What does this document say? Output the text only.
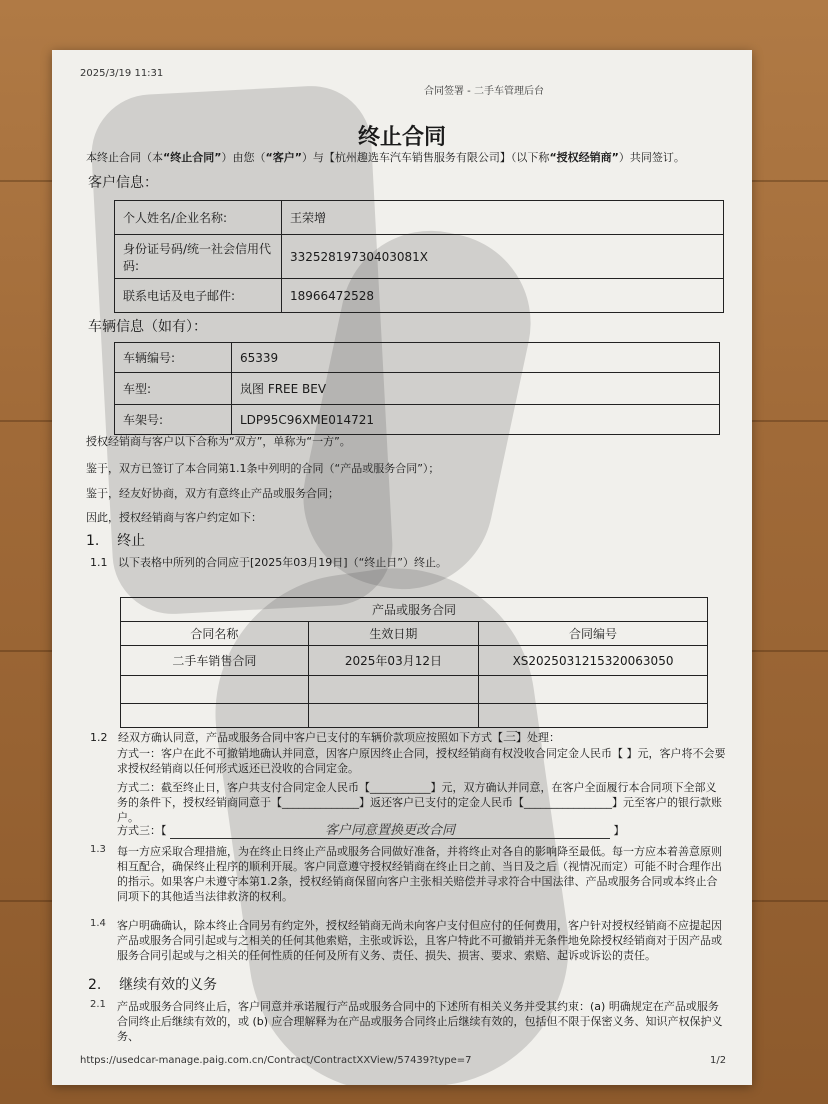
2025/3/19 11:31
合同签署 - 二手车管理后台
终止合同
本终止合同（本“终止合同”）由您（“客户”）与【杭州趣选车汽车销售服务有限公司】（以下称“授权经销商”）共同签订。
客户信息：
个人姓名/企业名称:	王荣增
身份证号码/统一社会信用代码:	33252819730403081X
联系电话及电子邮件:	18966472528
车辆信息（如有）：
车辆编号:	65339
车型:	岚图 FREE BEV
车架号:	LDP95C96XME014721
授权经销商与客户以下合称为“双方”，单称为“一方”。
鉴于，双方已签订了本合同第1.1条中列明的合同（“产品或服务合同”）；
鉴于，经友好协商，双方有意终止产品或服务合同；
因此，授权经销商与客户约定如下：
1. 终止
1.1 以下表格中所列的合同应于[2025年03月19日]（“终止日”）终止。
产品或服务合同		
合同名称	生效日期	合同编号
二手车销售合同	2025年03月12日	XS2025031215320063050

1.2 经双方确认同意，产品或服务合同中客户已支付的车辆价款项应按照如下方式【三】处理：
方式一：客户在此不可撤销地确认并同意，因客户原因终止合同，授权经销商有权没收合同定金人民币【 】元，客户将不会要求授权经销商以任何形式返还已没收的合同定金。
方式二：截至终止日，客户共支付合同定金人民币【___________】元，双方确认并同意，在客户全面履行本合同项下全部义务的条件下，授权经销商同意于【______________】返还客户已支付的定金人民币【________________】元至客户的银行款账户。
方式三：【	客户同意置换更改合同	】
1.3 每一方应采取合理措施，为在终止日终止产品或服务合同做好准备，并将终止对各自的影响降至最低。每一方应本着善意原则相互配合，确保终止程序的顺利开展。客户同意遵守授权经销商在终止日之前、当日及之后（视情况而定）可能不时合理作出的指示。如果客户未遵守本第1.2条，授权经销商保留向客户主张相关赔偿并寻求符合中国法律、产品或服务合同或本终止合同项下的其他适当法律救济的权利。
1.4 客户明确确认，除本终止合同另有约定外，授权经销商无尚未向客户支付但应付的任何费用，客户针对授权经销商不应提起因产品或服务合同引起或与之相关的任何其他索赔，主张或诉讼，且客户特此不可撤销并无条件地免除授权经销商对于因产品或服务合同引起或与之相关的任何性质的任何及所有义务、责任、损失、损害、要求、索赔、起诉或诉讼的责任。
2. 继续有效的义务
2.1 产品或服务合同终止后，客户同意并承诺履行产品或服务合同中的下述所有相关义务并受其约束：(a) 明确规定在产品或服务合同终止后继续有效的，或 (b) 应合理解释为在产品或服务合同终止后继续有效的，包括但不限于保密义务、知识产权保护义务、
https://usedcar-manage.paig.com.cn/Contract/ContractXXView/57439?type=7	1/2
